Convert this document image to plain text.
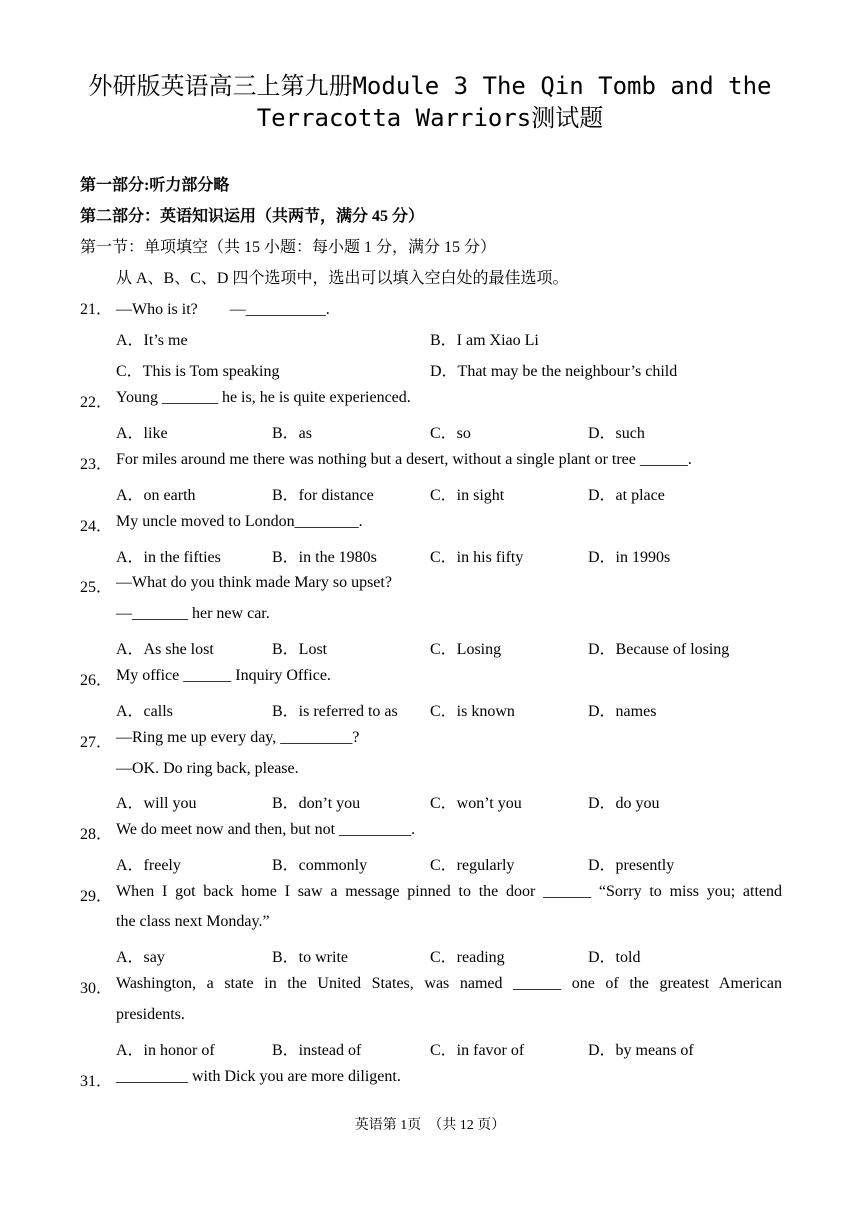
外研版英语高三上第九册Module 3 The Qin Tomb and the
Terracotta Warriors测试题
第一部分:听力部分略
第二部分：英语知识运用（共两节，满分 45 分）
第一节：单项填空（共 15 小题：每小题 1 分，满分 15 分）
从 A、B、C、D 四个选项中，选出可以填入空白处的最佳选项。
21． —Who is it?　　—__________.
A．It’s me	B．I am Xiao Li
C．This is Tom speaking	D．That may be the neighbour’s child
22． Young _______ he is, he is quite experienced.
A．like	B．as	C．so	D．such
23． For miles around me there was nothing but a desert, without a single plant or tree ______.
A．on earth	B．for distance	C．in sight	D．at place
24． My uncle moved to London________.
A．in the fifties	B．in the 1980s	C．in his fifty	D．in 1990s
25． —What do you think made Mary so upset?
—_______ her new car.
A．As she lost	B．Lost	C．Losing	D．Because of losing
26． My office ______ Inquiry Office.
A．calls	B．is referred to as C．is known	D．names
27． —Ring me up every day, _________?
—OK. Do ring back, please.
A．will you	B．don’t you	C．won’t you	D．do you
28． We do meet now and then, but not _________.
A．freely	B．commonly	C．regularly	D．presently
29． When I got back home I saw a message pinned to the door ______ “Sorry to miss you; attend
the class next Monday.”
A．say	B．to write	C．reading	D．told
30． Washington, a state in the United States, was named ______ one of the greatest American
presidents.
A．in honor of	B．instead of	C．in favor of	D．by means of
31． _________ with Dick you are more diligent.
英语第 1页　（共 12 页）
